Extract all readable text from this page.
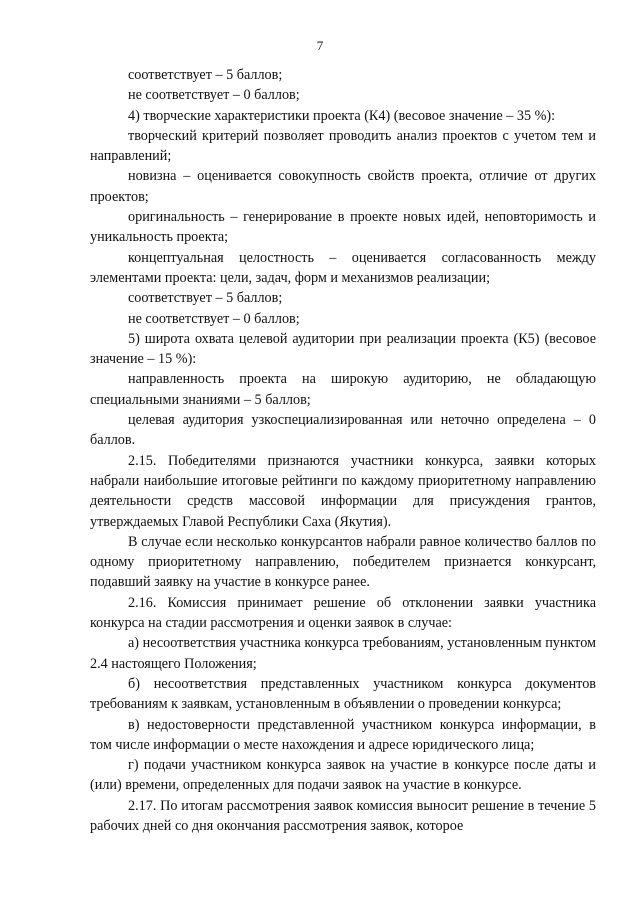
7

соответствует – 5 баллов;

не соответствует – 0 баллов;

4) творческие характеристики проекта (К4) (весовое значение – 35 %):

творческий критерий позволяет проводить анализ проектов с учетом тем и направлений;

новизна – оценивается совокупность свойств проекта, отличие от других проектов;

оригинальность – генерирование в проекте новых идей, неповторимость и уникальность проекта;

концептуальная целостность – оценивается согласованность между элементами проекта: цели, задач, форм и механизмов реализации;

соответствует – 5 баллов;

не соответствует – 0 баллов;

5) широта охвата целевой аудитории при реализации проекта (К5) (весовое значение – 15 %):

направленность проекта на широкую аудиторию, не обладающую специальными знаниями – 5 баллов;

целевая аудитория узкоспециализированная или неточно определена – 0 баллов.

2.15. Победителями признаются участники конкурса, заявки которых набрали наибольшие итоговые рейтинги по каждому приоритетному направлению деятельности средств массовой информации для присуждения грантов, утверждаемых Главой Республики Саха (Якутия).

В случае если несколько конкурсантов набрали равное количество баллов по одному приоритетному направлению, победителем признается конкурсант, подавший заявку на участие в конкурсе ранее.

2.16. Комиссия принимает решение об отклонении заявки участника конкурса на стадии рассмотрения и оценки заявок в случае:

а) несоответствия участника конкурса требованиям, установленным пунктом 2.4 настоящего Положения;

б) несоответствия представленных участником конкурса документов требованиям к заявкам, установленным в объявлении о проведении конкурса;

в) недостоверности представленной участником конкурса информации, в том числе информации о месте нахождения и адресе юридического лица;

г) подачи участником конкурса заявок на участие в конкурсе после даты и (или) времени, определенных для подачи заявок на участие в конкурсе.

2.17. По итогам рассмотрения заявок комиссия выносит решение в течение 5 рабочих дней со дня окончания рассмотрения заявок, которое
